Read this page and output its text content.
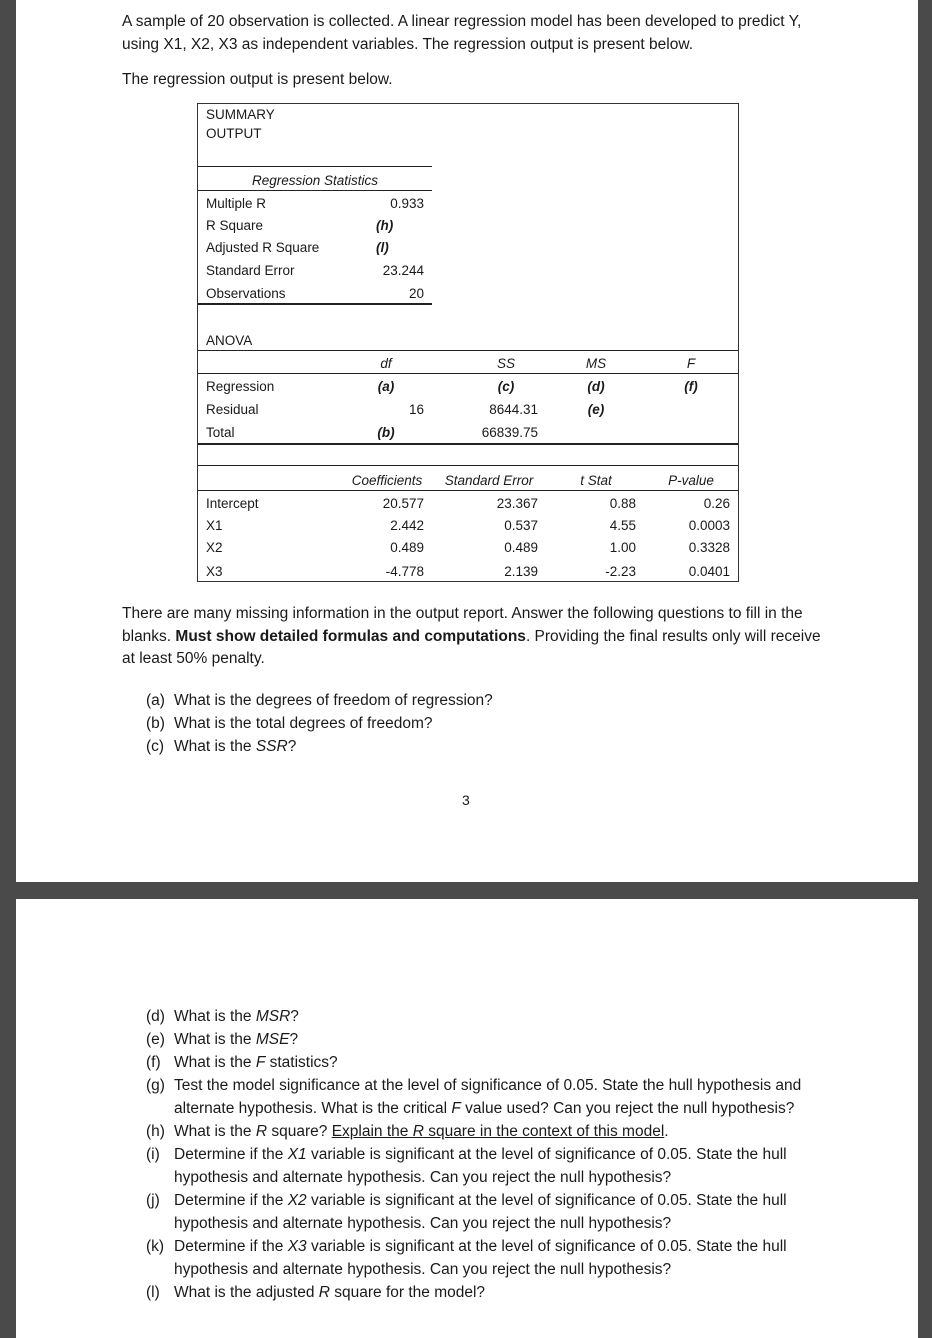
A sample of 20 observation is collected. A linear regression model has been developed to predict Y, using X1, X2, X3 as independent variables. The regression output is present below.

The regression output is present below.

SUMMARY
OUTPUT
Regression Statistics
Multiple R	0.933
R Square	(h)
Adjusted R Square	(l)
Standard Error	23.244
Observations	20
ANOVA
df	SS	MS	F
Regression	(a)	(c)	(d)	(f)
Residual	16	8644.31	(e)
Total	(b)	66839.75
Coefficients	Standard Error	t Stat	P-value
Intercept	20.577	23.367	0.88	0.26
X1	2.442	0.537	4.55	0.0003
X2	0.489	0.489	1.00	0.3328
X3	-4.778	2.139	-2.23	0.0401

There are many missing information in the output report. Answer the following questions to fill in the blanks. Must show detailed formulas and computations. Providing the final results only will receive at least 50% penalty.

(a) What is the degrees of freedom of regression?
(b) What is the total degrees of freedom?
(c) What is the SSR?
3
(d) What is the MSR?
(e) What is the MSE?
(f) What is the F statistics?
(g) Test the model significance at the level of significance of 0.05. State the hull hypothesis and alternate hypothesis. What is the critical F value used? Can you reject the null hypothesis?
(h) What is the R square? Explain the R square in the context of this model.
(i) Determine if the X1 variable is significant at the level of significance of 0.05. State the hull hypothesis and alternate hypothesis. Can you reject the null hypothesis?
(j) Determine if the X2 variable is significant at the level of significance of 0.05. State the hull hypothesis and alternate hypothesis. Can you reject the null hypothesis?
(k) Determine if the X3 variable is significant at the level of significance of 0.05. State the hull hypothesis and alternate hypothesis. Can you reject the null hypothesis?
(l) What is the adjusted R square for the model?
